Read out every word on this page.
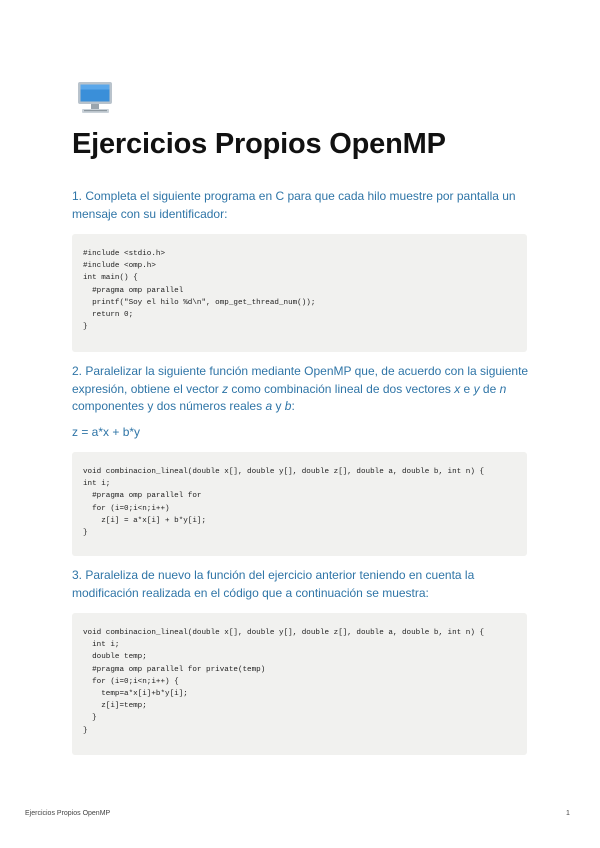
Ejercicios Propios OpenMP

1. Completa el siguiente programa en C para que cada hilo muestre por pantalla un mensaje con su identificador:

#include <stdio.h>
#include <omp.h>
int main() {
#pragma omp parallel
printf("Soy el hilo %d\n", omp_get_thread_num());
return 0;
}

2. Paralelizar la siguiente función mediante OpenMP que, de acuerdo con la siguiente expresión, obtiene el vector z como combinación lineal de dos vectores x e y de n componentes y dos números reales a y b:

z = a*x + b*y

void combinacion_lineal(double x[], double y[], double z[], double a, double b, int n) {
int i;
#pragma omp parallel for
for (i=0;i<n;i++)
z[i] = a*x[i] + b*y[i];
}

3. Paraleliza de nuevo la función del ejercicio anterior teniendo en cuenta la modificación realizada en el código que a continuación se muestra:

void combinacion_lineal(double x[], double y[], double z[], double a, double b, int n) {
int i;
double temp;
#pragma omp parallel for private(temp)
for (i=0;i<n;i++) {
temp=a*x[i]+b*y[i];
z[i]=temp;
}
}
Ejercicios Propios OpenMP	1
